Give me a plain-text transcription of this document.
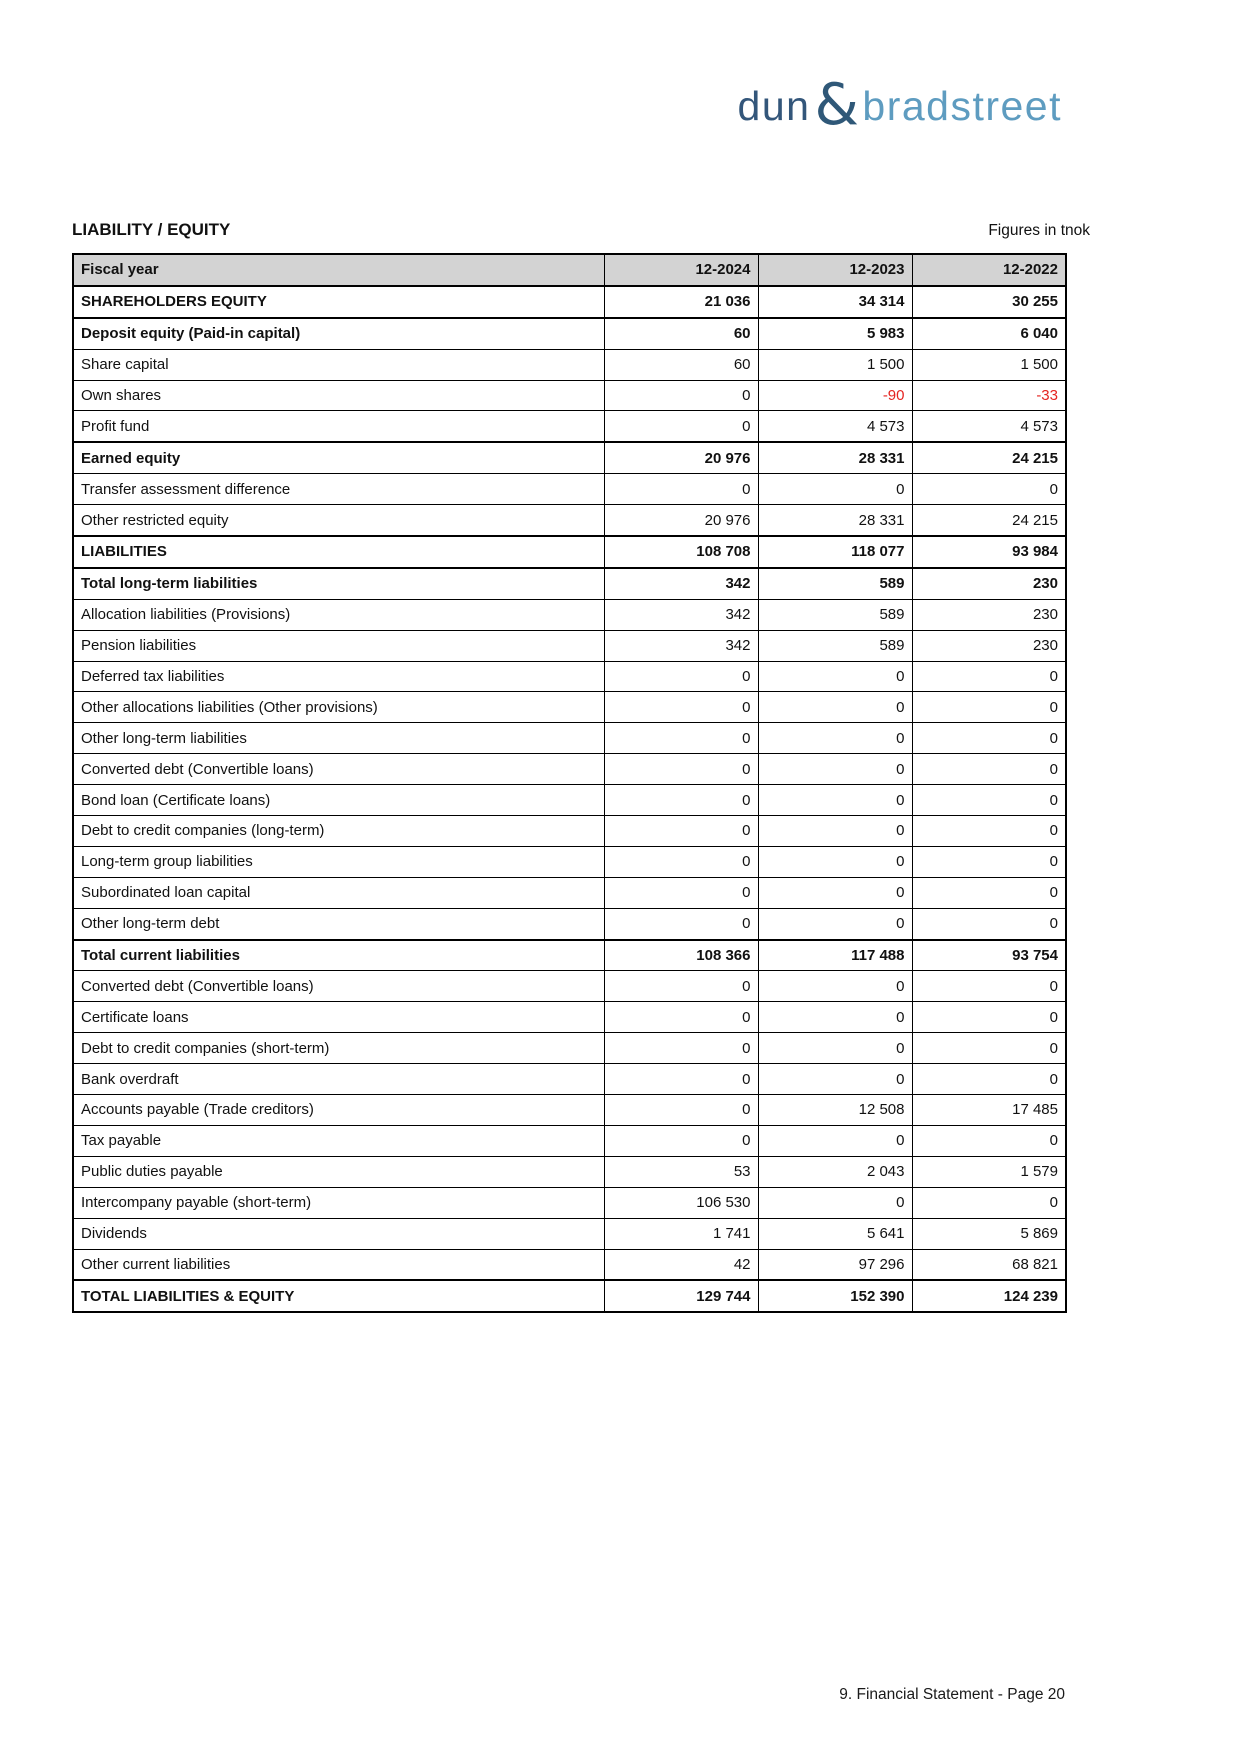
dun & bradstreet
LIABILITY / EQUITY	Figures in tnok
Fiscal year	12-2024	12-2023	12-2022
SHAREHOLDERS EQUITY	21 036	34 314	30 255
Deposit equity (Paid-in capital)	60	5 983	6 040
Share capital	60	1 500	1 500
Own shares	0	-90	-33
Profit fund	0	4 573	4 573
Earned equity	20 976	28 331	24 215
Transfer assessment difference	0	0	0
Other restricted equity	20 976	28 331	24 215
LIABILITIES	108 708	118 077	93 984
Total long-term liabilities	342	589	230
Allocation liabilities (Provisions)	342	589	230
Pension liabilities	342	589	230
Deferred tax liabilities	0	0	0
Other allocations liabilities (Other provisions)	0	0	0
Other long-term liabilities	0	0	0
Converted debt (Convertible loans)	0	0	0
Bond loan (Certificate loans)	0	0	0
Debt to credit companies (long-term)	0	0	0
Long-term group liabilities	0	0	0
Subordinated loan capital	0	0	0
Other long-term debt	0	0	0
Total current liabilities	108 366	117 488	93 754
Converted debt (Convertible loans)	0	0	0
Certificate loans	0	0	0
Debt to credit companies (short-term)	0	0	0
Bank overdraft	0	0	0
Accounts payable (Trade creditors)	0	12 508	17 485
Tax payable	0	0	0
Public duties payable	53	2 043	1 579
Intercompany payable (short-term)	106 530	0	0
Dividends	1 741	5 641	5 869
Other current liabilities	42	97 296	68 821
TOTAL LIABILITIES & EQUITY	129 744	152 390	124 239
9. Financial Statement - Page 20
